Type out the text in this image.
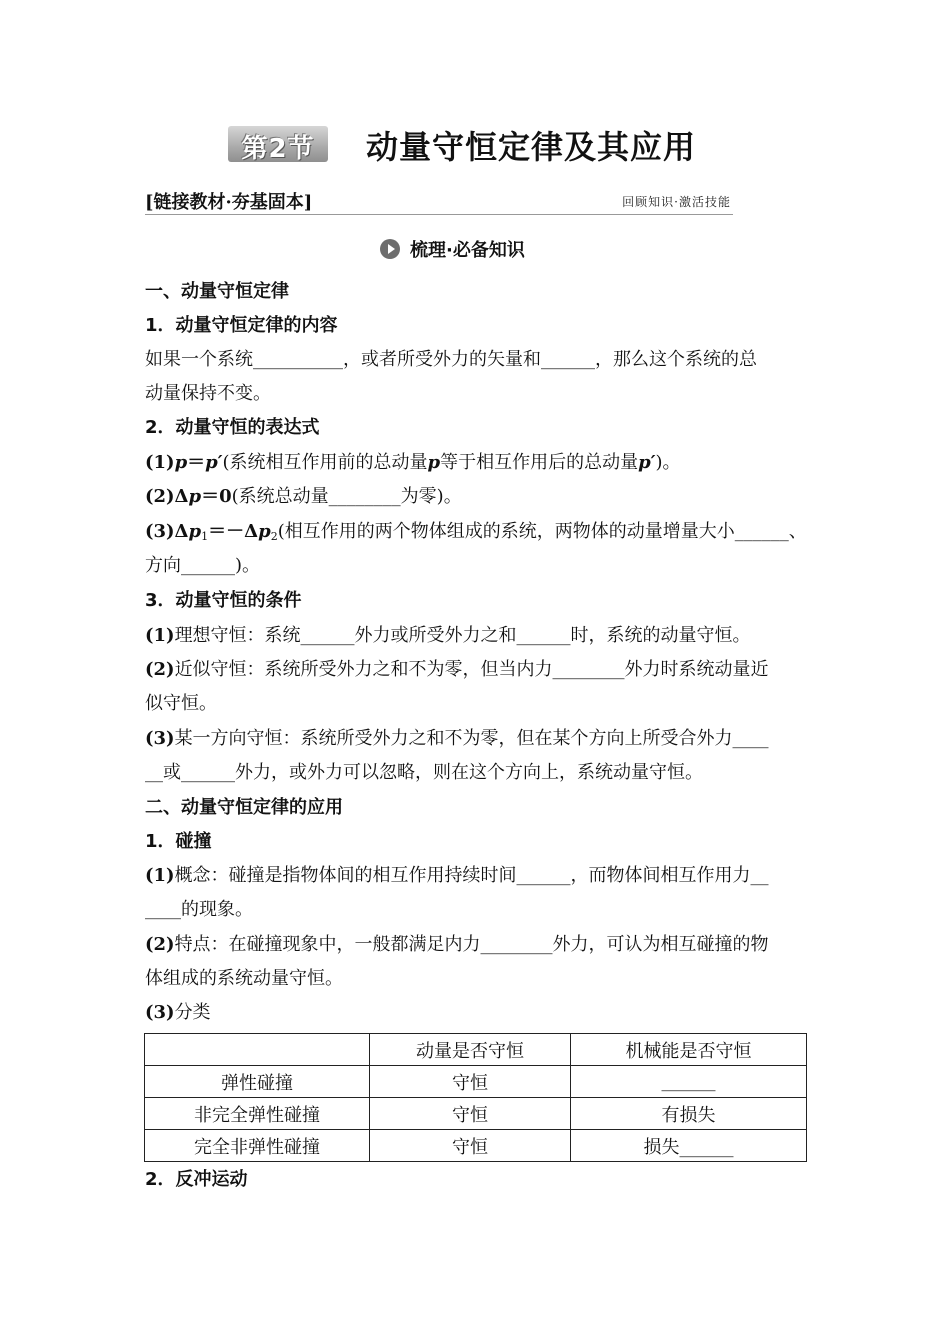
第2节	动量守恒定律及其应用
[链接教材·夯基固本]	回顾知识·激活技能
梳理·必备知识
一、动量守恒定律
1．动量守恒定律的内容
如果一个系统__________，或者所受外力的矢量和______，那么这个系统的总
动量保持不变。
2．动量守恒的表达式
(1)p＝p′(系统相互作用前的总动量p等于相互作用后的总动量p′)。
(2)Δp＝0(系统总动量________为零)。
$(3)\Delta p_1=-\Delta p_2$(相互作用的两个物体组成的系统，两物体的动量增量大小______、
方向______)。
3．动量守恒的条件
(1)理想守恒：系统______外力或所受外力之和______时，系统的动量守恒。
(2)近似守恒：系统所受外力之和不为零，但当内力________外力时系统动量近
似守恒。
(3)某一方向守恒：系统所受外力之和不为零，但在某个方向上所受合外力____
__或______外力，或外力可以忽略，则在这个方向上，系统动量守恒。
二、动量守恒定律的应用
1．碰撞
(1)概念：碰撞是指物体间的相互作用持续时间______，而物体间相互作用力__
____的现象。
(2)特点：在碰撞现象中，一般都满足内力________外力，可认为相互碰撞的物
体组成的系统动量守恒。
(3)分类
	动量是否守恒	机械能是否守恒
弹性碰撞	守恒	______
非完全弹性碰撞	守恒	有损失
完全非弹性碰撞	守恒	损失______
2．反冲运动
